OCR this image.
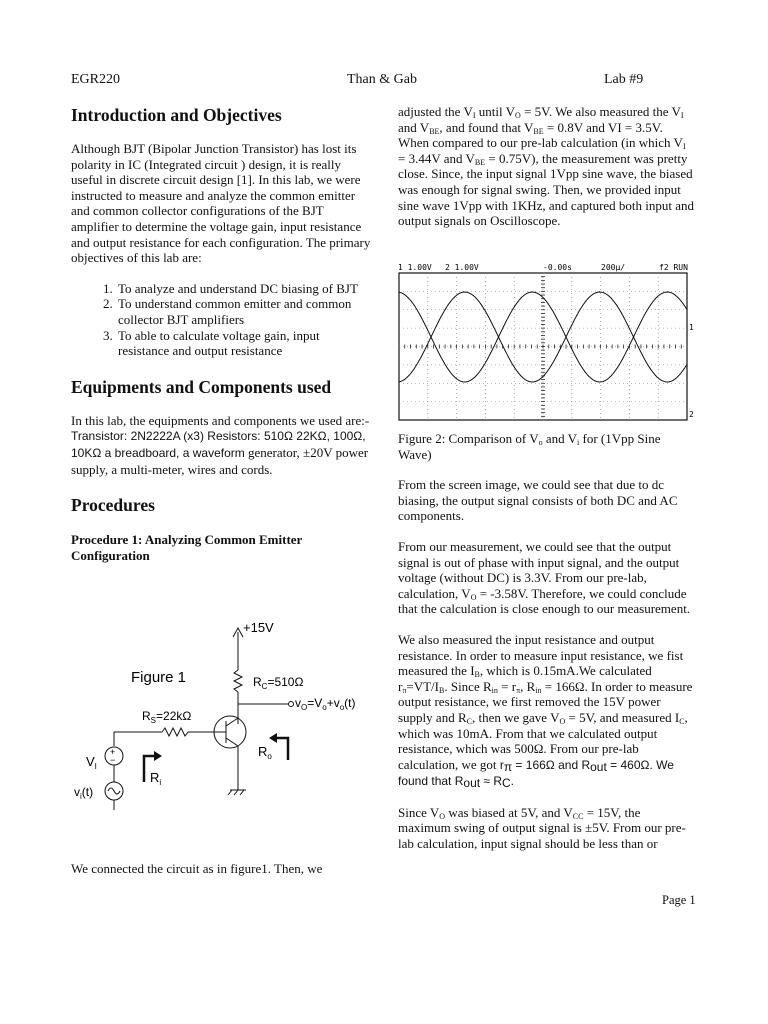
EGR220	Than & Gab	Lab #9
Introduction and Objectives

Although BJT (Bipolar Junction Transistor) has lost its polarity in IC (Integrated circuit ) design, it is really useful in discrete circuit design [1]. In this lab, we were instructed to measure and analyze the common emitter and common collector configurations of the BJT amplifier to determine the voltage gain, input resistance and output resistance for each configuration. The primary objectives of this lab are:

1. To analyze and understand DC biasing of BJT
2. To understand common emitter and common collector BJT amplifiers
3. To able to calculate voltage gain, input resistance and output resistance
Equipments and Components used

In this lab, the equipments and components we used are:- Transistor: 2N2222A (x3) Resistors: 510Ω 22KΩ, 100Ω, 10KΩ a breadboard, a waveform generator, ±20V power supply, a multi-meter, wires and cords.

Procedures
Procedure 1: Analyzing Common Emitter Configuration
+15V
Figure 1	$R_C=510\Omega$
$v_O=V_o+v_o(t)$
$R_S=22k\Omega$
$V_I$
+
−
$v_i(t)$
$R_i$
$R_o$

We connected the circuit as in figure1. Then, we

adjusted the $V_I$ until $V_O = 5V$. We also measured the $V_I$ and $V_{BE}$, and found that $V_{BE} = 0.8V$ and VI = 3.5V. When compared to our pre-lab calculation (in which $V_I = 3.44V$ and $V_{BE} = 0.75V$), the measurement was pretty close. Since, the input signal 1Vpp sine wave, the biased was enough for signal swing. Then, we provided input sine wave 1Vpp with 1KHz, and captured both input and output signals on Oscilloscope.

1 1.00V 2 1.00V	-0.00s	200µ/	f2 RUN
1
2

Figure 2: Comparison of $V_o$ and $V_i$ for (1Vpp Sine Wave)

From the screen image, we could see that due to dc biasing, the output signal consists of both DC and AC components.

From our measurement, we could see that the output signal is out of phase with input signal, and the output voltage (without DC) is 3.3V. From our pre-lab, calculation, $V_O = -3.58V$. Therefore, we could conclude that the calculation is close enough to our measurement.

We also measured the input resistance and output resistance. In order to measure input resistance, we fist measured the $I_B$, which is 0.15mA.We calculated $r_\pi=VT/I_B$. Since $R_{in} = r_\pi$, $R_{in} = 166\Omega$. In order to measure output resistance, we first removed the 15V power supply and $R_C$, then we gave $V_O = 5V$, and measured $I_C$, which was 10mA. From that we calculated output resistance, which was 500Ω. From our pre-lab calculation, we got $r_\pi = 166\Omega$ and $R_{out} = 460\Omega$. We found that $R_{out} \approx R_C$.

Since $V_O$ was biased at 5V, and $V_{CC} = 15V$, the maximum swing of output signal is ±5V. From our pre-lab calculation, input signal should be less than or

Page 1
